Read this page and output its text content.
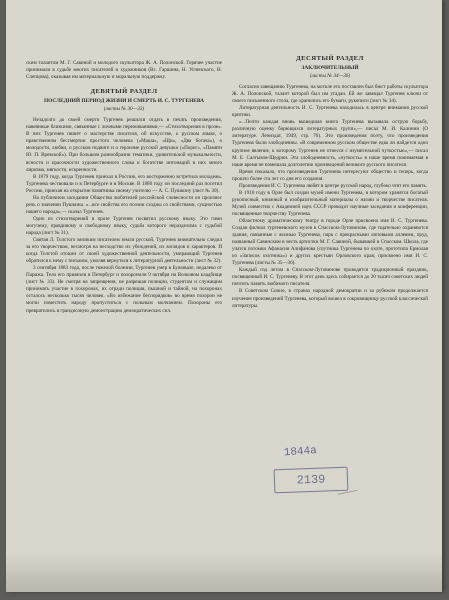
ским талантом М. Г. Савиной и молодого скульптора Ж. А. Полонской. Горячее участие принимали в судьбе многих писателей и художников (Вс. Гаршина, Н. Успенского, Н. Слепцова), оказывая им материальную и моральную поддержку.

ДЕВЯТЫЙ РАЗДЕЛ
ПОСЛЕДНИЙ ПЕРИОД ЖИЗНИ И СМЕРТЬ И. С. ТУРГЕНЕВА
(листы № 30—33)

Незадолго до своей смерти Тургенев решился отдать в печать произведения, навеянные близкими, связанные с личными переживаниями,— «Стихотворения в прозе». В них Тургенев пишет о мастерстве писателя, об искусстве, о русском языке, о нравственном бессмертии простого человека («Маша», «Щи», «Два богача»), о молодости, любви, о русском подвиге и о героизме русской девушки («Порог», «Памяти Ю. П. Вревской»). При большом разнообразии тематики, удивительной музыкальности, ясности и красочности художественного слова и богатстве интонаций в них много лиризма, мягкости, искренности.

В 1879 году, когда Тургенев приехал в Россию, его восторженно встретила молодежь. Тургенева чествовали и в Петербурге и в Москве. В 1880 году он последний раз посетил Россию, приехав на открытие памятника своему учителю — А. С. Пушкину (лист № 30).

На публичном заседании Общества любителей российской словесности он произнес речь о значении Пушкина. «...все свойства его поэзии сходны со свойствами, сущностью нашего народа»,— сказал Тургенев.

Одно из стихотворений в прозе Тургенев посвятил русскому языку. Это гимн могучему, правдивому и свободному языку, судьба которого неразделима с судьбой народа (лист № 31).

Святая Л. Толстого великим писателем земли русской, Тургенев внимательно следил за его творчеством, несмотря на несходство их убеждений, их взглядов и характеров. И когда Толстой отошел от своей художественной деятельности, умирающий Тургенев обратился к нему с письмом, умоляя вернуться к литературной деятельности (лист № 32).

3 сентября 1883 года, после тяжелой болезни, Тургенев умер в Буживале, недалеко от Парижа. Тело его привезли в Петербург и похоронили 9 октября на Волковом кладбище (лист № 33). Не смотря на запрещения, не разрешая полиции, студентам и служащим принимать участие в похоронах, их огради полиция, пышной и тайной, на похоронах осталось несколько тысяч человек. «Во избежание беспорядков» во время похорон не могли поместить народу пропуститься с польным молчанием. Похороны его превратились в грандиозную демонстрацию демократических сил.

ДЕСЯТЫЙ РАЗДЕЛ
ЗАКЛЮЧИТЕЛЬНЫЙ
(листы № 34—36)

Согласно завещанию Тургенева, на могиле его поставлен был бюст работы скульптора Ж. А. Полонской, талант которой был им угадан. Ей же завещал Тургенев ключи от своего письменного стола, где хранились его бумаги, рукописи (лист № 34).

Литературная деятельность И. С. Тургенева находилась в центре внимания русской критики.

«...Почти каждая вновь вышедшая книга Тургенева вызывала острую борьбу, различную оценку борющихся литературных групп»,— писал М. И. Калинин (О литературе. Лениздат, 1949, стр. 76). Это произведения поэту, что произведения Тургенева были злободневны. «В современном русском обществе едва ли найдется одно крупное явление, к которому Тургенев не отнесся с изумительной чуткостью»,— писал М. Е. Салтыков-Щедрин. Эта злободневность, «чуткость» в наше время понимаемая в наше время не помешала долголетию произведений великого русского писателя.

Время показало, что произведения Тургенева интересуют общество и теперь, когда прошло более ста лет со дня его создания.

Произведения И. С. Тургенева любят в центре русской народ, глубоко чтят его память.

В 1918 году в Орле был создан музей имени Тургенева, в котором хранятся богатый рукописный, книжный и изобразительный материалы о жизни и творчестве писателя. Музей совместно с Академией наук СССР проводит научные заседания и конференции, посвященные творчеству Тургенева.

Областному драматическому театру в городе Орле присвоено имя И. С. Тургенева. Создан филиал тургеневского музея в Спасском-Лутовинове, где тщательно охраняются здания, связанные с жизнью Тургенева, парк с прекрасными липовыми аллеями, пруд, названный Савинским в честь артистки М. Г. Савиной, бывавшей в Спасском. Школа, где учатся потомки Афанасия Алифанова (спутника Тургенева по охоте, прототипа Ермолая из «Записок охотника») и других крестьян Орловского края, присвоено имя И. С. Тургенева (листы № 35—36).

Каждый год летом в Спасском-Лутовинове проводятся традиционный праздник, посвященный И. С. Тургеневу. В этот день здесь собирается до 20 тысяч советских людей почтить память любимого писателя.

В Советском Союзе, в странах народной демократии и за рубежом продолжается изучение произведений Тургенева, который вошел в сокровищницу русской классической литературы.

1844а
2139
